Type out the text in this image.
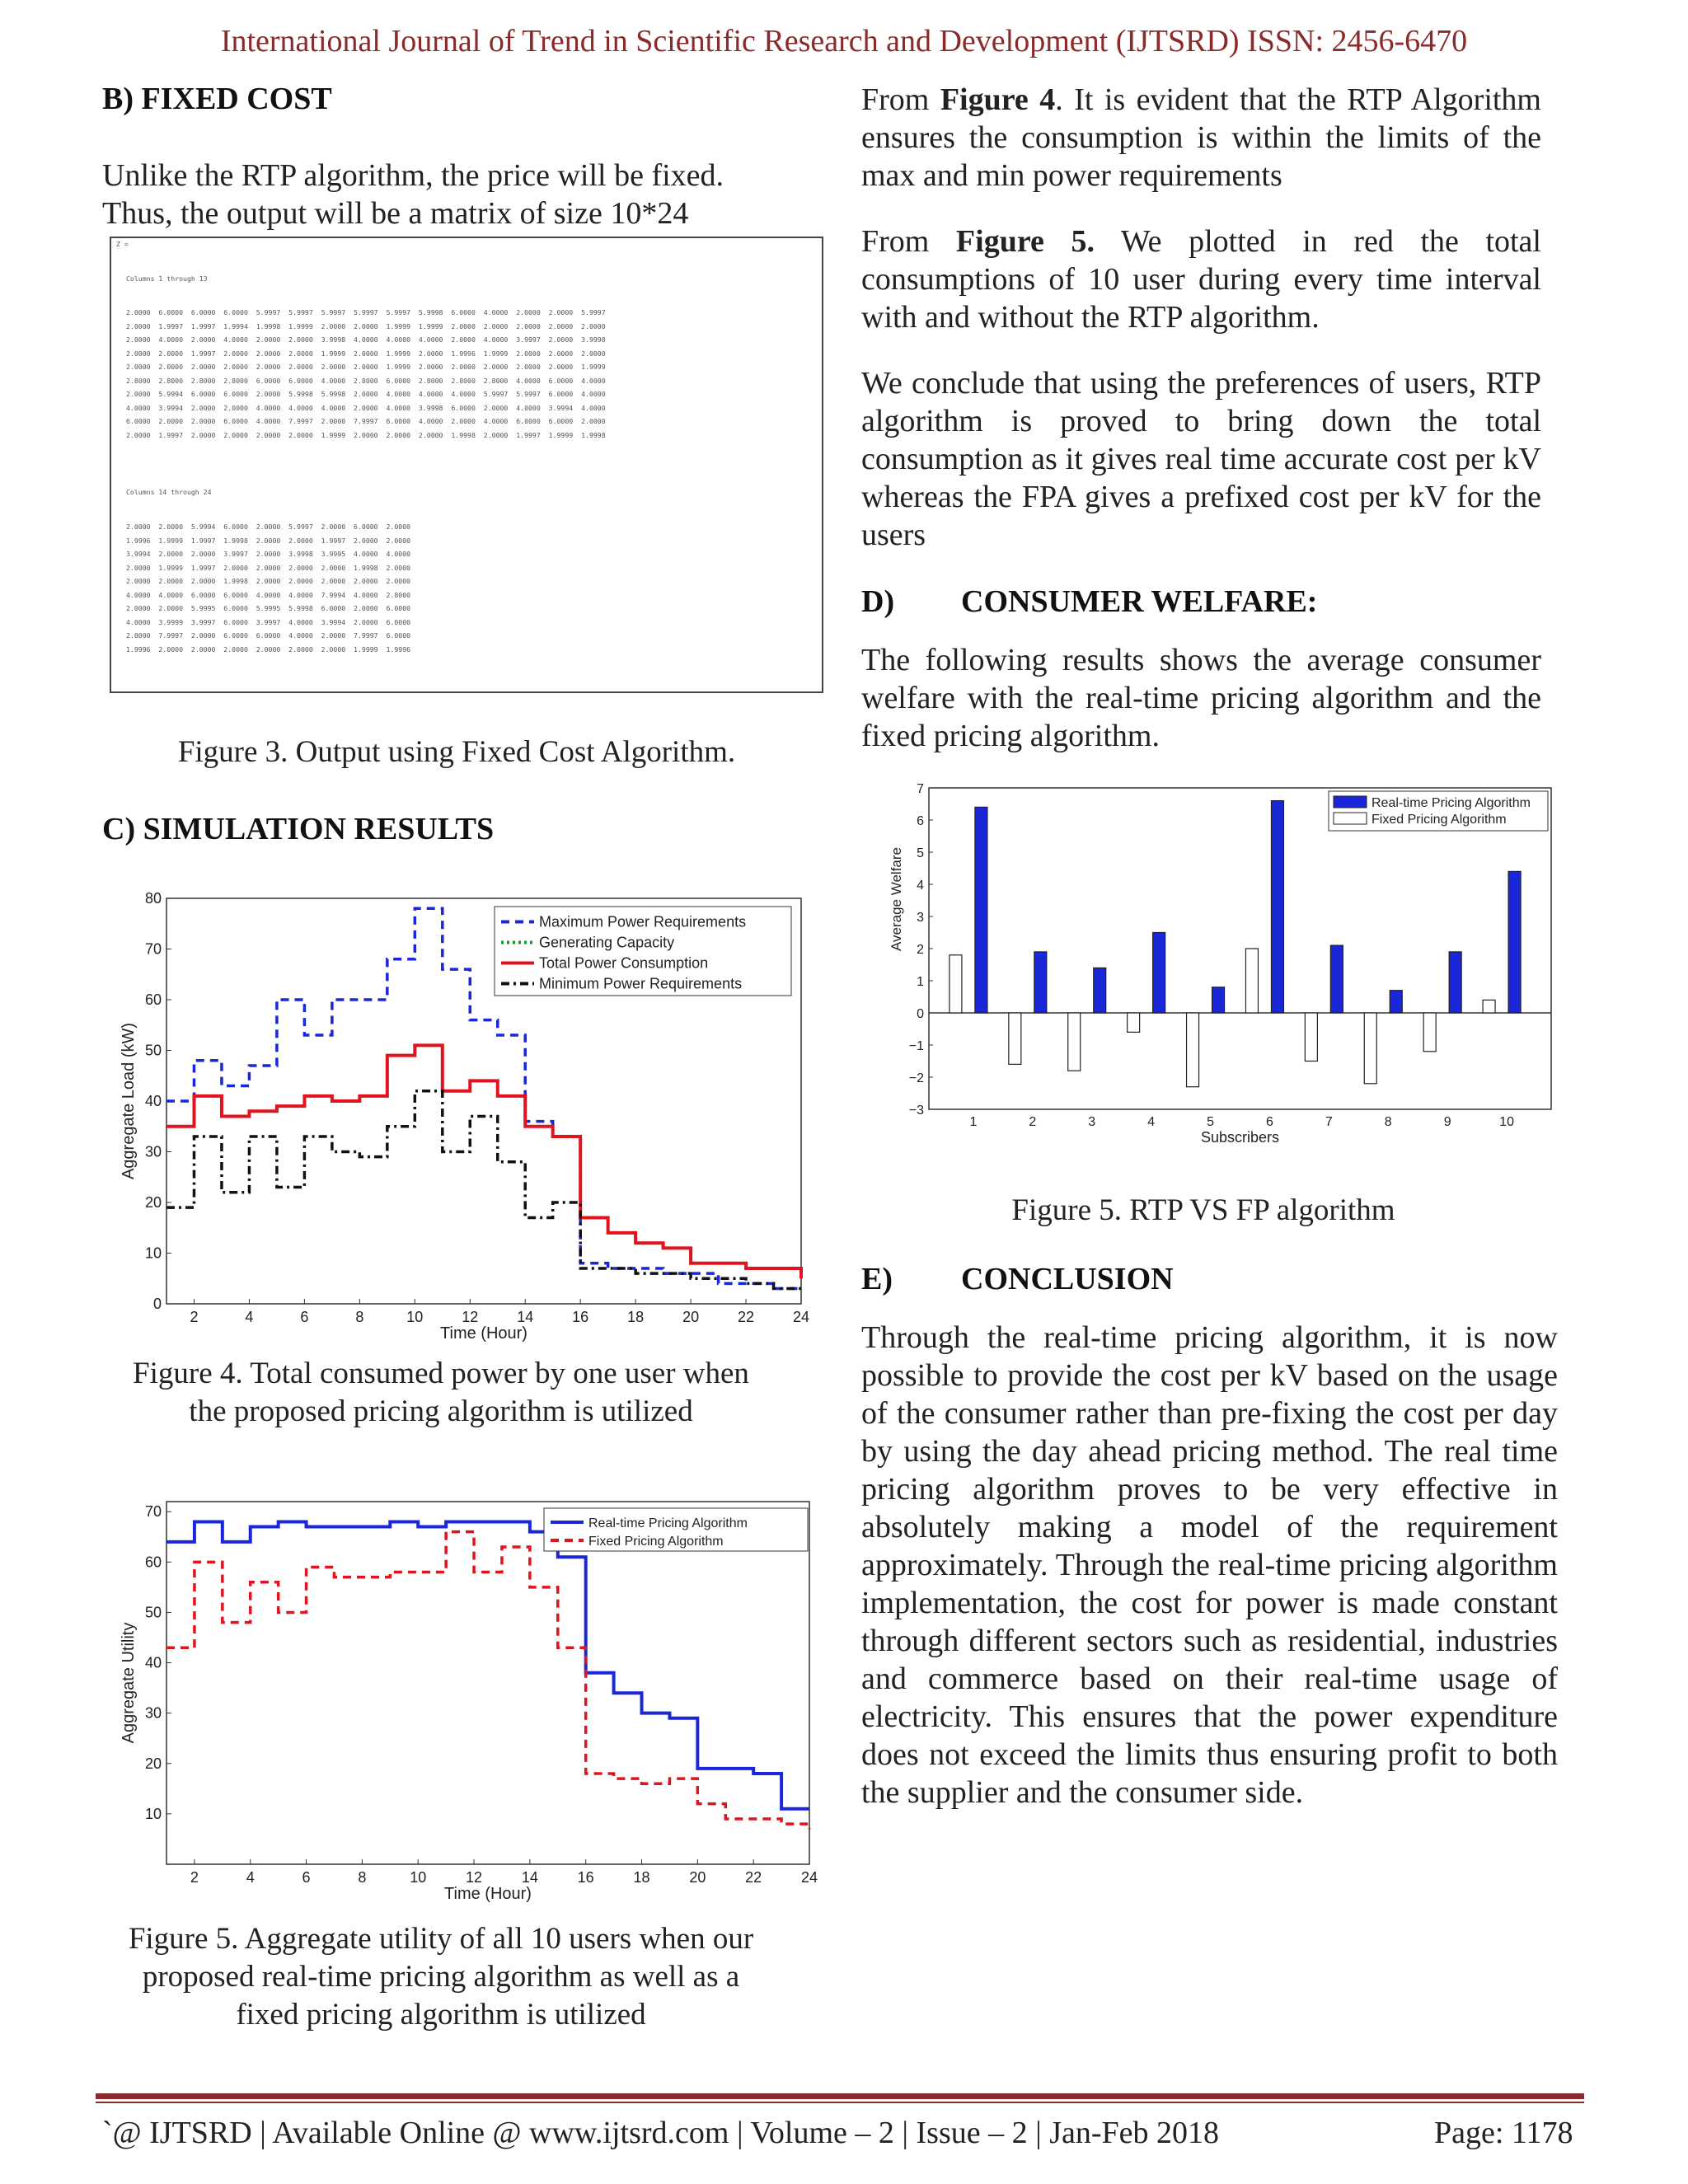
International Journal of Trend in Scientific Research and Development (IJTSRD) ISSN: 2456-6470
B) FIXED COST
Unlike the RTP algorithm, the price will be fixed.
Thus, the output will be a matrix of size 10*24
Z =
Columns 1 through 13
2.0000  6.0000  6.0000  6.0000  5.9997  5.9997  5.9997  5.9997  5.9997  5.9998  6.0000  4.0000  2.0000  2.0000  5.9997
2.0000  1.9997  1.9997  1.9994  1.9998  1.9999  2.0000  2.0000  1.9999  1.9999  2.0000  2.0000  2.0000  2.0000  2.0000
2.0000  4.0000  2.0000  4.0000  2.0000  2.0000  3.9998  4.0000  4.0000  4.0000  2.0000  4.0000  3.9997  2.0000  3.9998
2.0000  2.0000  1.9997  2.0000  2.0000  2.0000  1.9999  2.0000  1.9999  2.0000  1.9996  1.9999  2.0000  2.0000  2.0000
2.0000  2.0000  2.0000  2.0000  2.0000  2.0000  2.0000  2.0000  1.9999  2.0000  2.0000  2.0000  2.0000  2.0000  1.9999
2.8000  2.8000  2.8000  2.8000  6.0000  6.0000  4.0000  2.8000  6.0000  2.8000  2.8000  2.8000  4.0000  6.0000  4.0000
2.0000  5.9994  6.0000  6.0000  2.0000  5.9998  5.9998  2.0000  4.0000  4.0000  4.0000  5.9997  5.9997  6.0000  4.0000
4.0000  3.9994  2.0000  2.0000  4.0000  4.0000  4.0000  2.0000  4.0000  3.9998  6.0000  2.0000  4.0000  3.9994  4.0000
6.0000  2.0000  2.0000  6.0000  4.0000  7.9997  2.0000  7.9997  6.0000  4.0000  2.0000  4.0000  6.0000  6.0000  2.0000
2.0000  1.9997  2.0000  2.0000  2.0000  2.0000  1.9999  2.0000  2.0000  2.0000  1.9998  2.0000  1.9997  1.9999  1.9998
Columns 14 through 24
2.0000  2.0000  5.9994  6.0000  2.0000  5.9997  2.0000  6.0000  2.0000
1.9996  1.9999  1.9997  1.9998  2.0000  2.0000  1.9997  2.0000  2.0000
3.9994  2.0000  2.0000  3.9997  2.0000  3.9998  3.9995  4.0000  4.0000
2.0000  1.9999  1.9997  2.0000  2.0000  2.0000  2.0000  1.9998  2.0000
2.0000  2.0000  2.0000  1.9998  2.0000  2.0000  2.0000  2.0000  2.0000
4.0000  4.0000  6.0000  6.0000  4.0000  4.0000  7.9994  4.0000  2.8000
2.0000  2.0000  5.9995  6.0000  5.9995  5.9998  6.0000  2.0000  6.0000
4.0000  3.9999  3.9997  6.0000  3.9997  4.0000  3.9994  2.0000  6.0000
2.0000  7.9997  2.0000  6.0000  6.0000  4.0000  2.0000  7.9997  6.0000
1.9996  2.0000  2.0000  2.0000  2.0000  2.0000  2.0000  1.9999  1.9996
Figure 3. Output using Fixed Cost Algorithm.
C) SIMULATION RESULTS
2	4	6	8	10	12	14	16	18	20	22	24
0
10
20
30
40
50
60
70
80
Time (Hour)
Aggregate Load (kW)
Maximum Power Requirements
Generating Capacity
Total Power Consumption
Minimum Power Requirements
Figure 4. Total consumed power by one user when
the proposed pricing algorithm is utilized
2	4	6	8	10	12	14	16	18	20	22	24
10
20
30
40
50
60
70
Time (Hour)
Aggregate Utility
Real-time Pricing Algorithm
Fixed Pricing Algorithm
Figure 5. Aggregate utility of all 10 users when our
proposed real-time pricing algorithm as well as a
fixed pricing algorithm is utilized
From Figure 4. It is evident that the RTP Algorithm ensures the consumption is within the limits of the max and min power requirements
From Figure 5. We plotted in red the total consumptions of 10 user during every time interval with and without the RTP algorithm.
We conclude that using the preferences of users, RTP algorithm is proved to bring down the total consumption as it gives real time accurate cost per kV whereas the FPA gives a prefixed cost per kV for the users
D) CONSUMER WELFARE:
The following results shows the average consumer welfare with the real-time pricing algorithm and the fixed pricing algorithm.
−3
−2
−1
0
1
2
3
4
5
6
7
1	2	3	4	5	6	7	8	9	10
Subscribers
Average Welfare
Real-time Pricing Algorithm
Fixed Pricing Algorithm
Figure 5. RTP VS FP algorithm
E) CONCLUSION
Through the real-time pricing algorithm, it is now possible to provide the cost per kV based on the usage of the consumer rather than pre-fixing the cost per day by using the day ahead pricing method. The real time pricing algorithm proves to be very effective in absolutely making a model of the requirement approximately. Through the real-time pricing algorithm implementation, the cost for power is made constant through different sectors such as residential, industries and commerce based on their real-time usage of electricity. This ensures that the power expenditure does not exceed the limits thus ensuring profit to both the supplier and the consumer side.
`@ IJTSRD | Available Online @ www.ijtsrd.com | Volume – 2 | Issue – 2 | Jan-Feb 2018	Page: 1178
